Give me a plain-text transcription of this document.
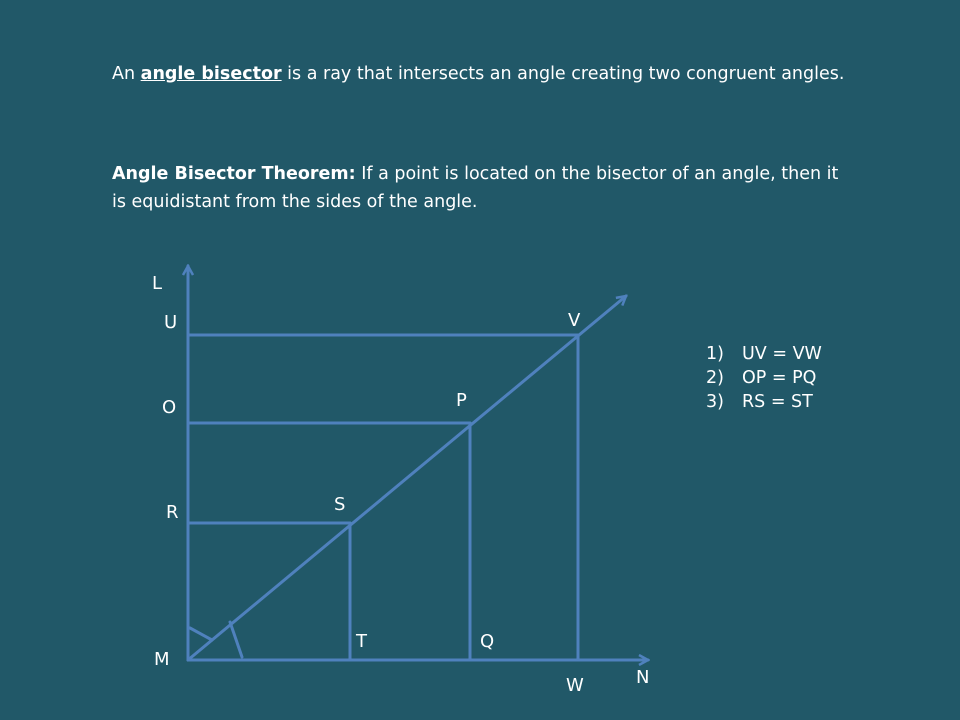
An angle bisector is a ray that intersects an angle creating two congruent angles.

Angle Bisector Theorem: If a point is located on the bisector of an angle, then it is equidistant from the sides of the angle.

L
U	V
O	P
R	S
M
T	Q
W	N
1)	UV = VW
2)	OP = PQ
3)	RS = ST
